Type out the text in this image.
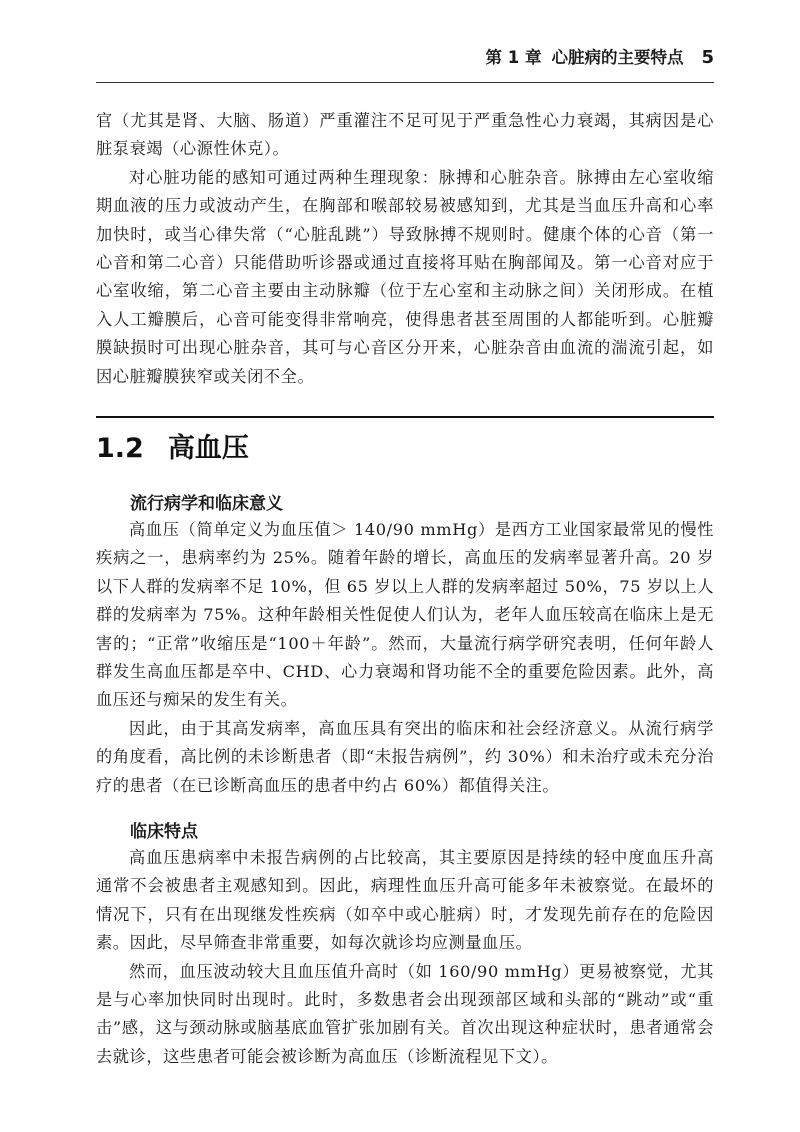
第 1 章 心脏病的主要特点 5

官（尤其是肾、大脑、肠道）严重灌注不足可见于严重急性心力衰竭，其病因是心脏泵衰竭（心源性休克）。

对心脏功能的感知可通过两种生理现象：脉搏和心脏杂音。脉搏由左心室收缩期血液的压力或波动产生，在胸部和喉部较易被感知到，尤其是当血压升高和心率加快时，或当心律失常（“心脏乱跳”）导致脉搏不规则时。健康个体的心音（第一心音和第二心音）只能借助听诊器或通过直接将耳贴在胸部闻及。第一心音对应于心室收缩，第二心音主要由主动脉瓣（位于左心室和主动脉之间）关闭形成。在植入人工瓣膜后，心音可能变得非常响亮，使得患者甚至周围的人都能听到。心脏瓣膜缺损时可出现心脏杂音，其可与心音区分开来，心脏杂音由血流的湍流引起，如因心脏瓣膜狭窄或关闭不全。

1.2 高血压
流行病学和临床意义

高血压（简单定义为血压值＞ 140/90 mmHg）是西方工业国家最常见的慢性疾病之一，患病率约为 25%。随着年龄的增长，高血压的发病率显著升高。20 岁以下人群的发病率不足 10%，但 65 岁以上人群的发病率超过 50%，75 岁以上人群的发病率为 75%。这种年龄相关性促使人们认为，老年人血压较高在临床上是无害的；“正常”收缩压是“100＋年龄”。然而，大量流行病学研究表明，任何年龄人群发生高血压都是卒中、CHD、心力衰竭和肾功能不全的重要危险因素。此外，高血压还与痴呆的发生有关。

因此，由于其高发病率，高血压具有突出的临床和社会经济意义。从流行病学的角度看，高比例的未诊断患者（即“未报告病例”，约 30%）和未治疗或未充分治疗的患者（在已诊断高血压的患者中约占 60%）都值得关注。

临床特点

高血压患病率中未报告病例的占比较高，其主要原因是持续的轻中度血压升高通常不会被患者主观感知到。因此，病理性血压升高可能多年未被察觉。在最坏的情况下，只有在出现继发性疾病（如卒中或心脏病）时，才发现先前存在的危险因素。因此，尽早筛查非常重要，如每次就诊均应测量血压。

然而，血压波动较大且血压值升高时（如 160/90 mmHg）更易被察觉，尤其是与心率加快同时出现时。此时，多数患者会出现颈部区域和头部的“跳动”或“重击”感，这与颈动脉或脑基底血管扩张加剧有关。首次出现这种症状时，患者通常会去就诊，这些患者可能会被诊断为高血压（诊断流程见下文）。
